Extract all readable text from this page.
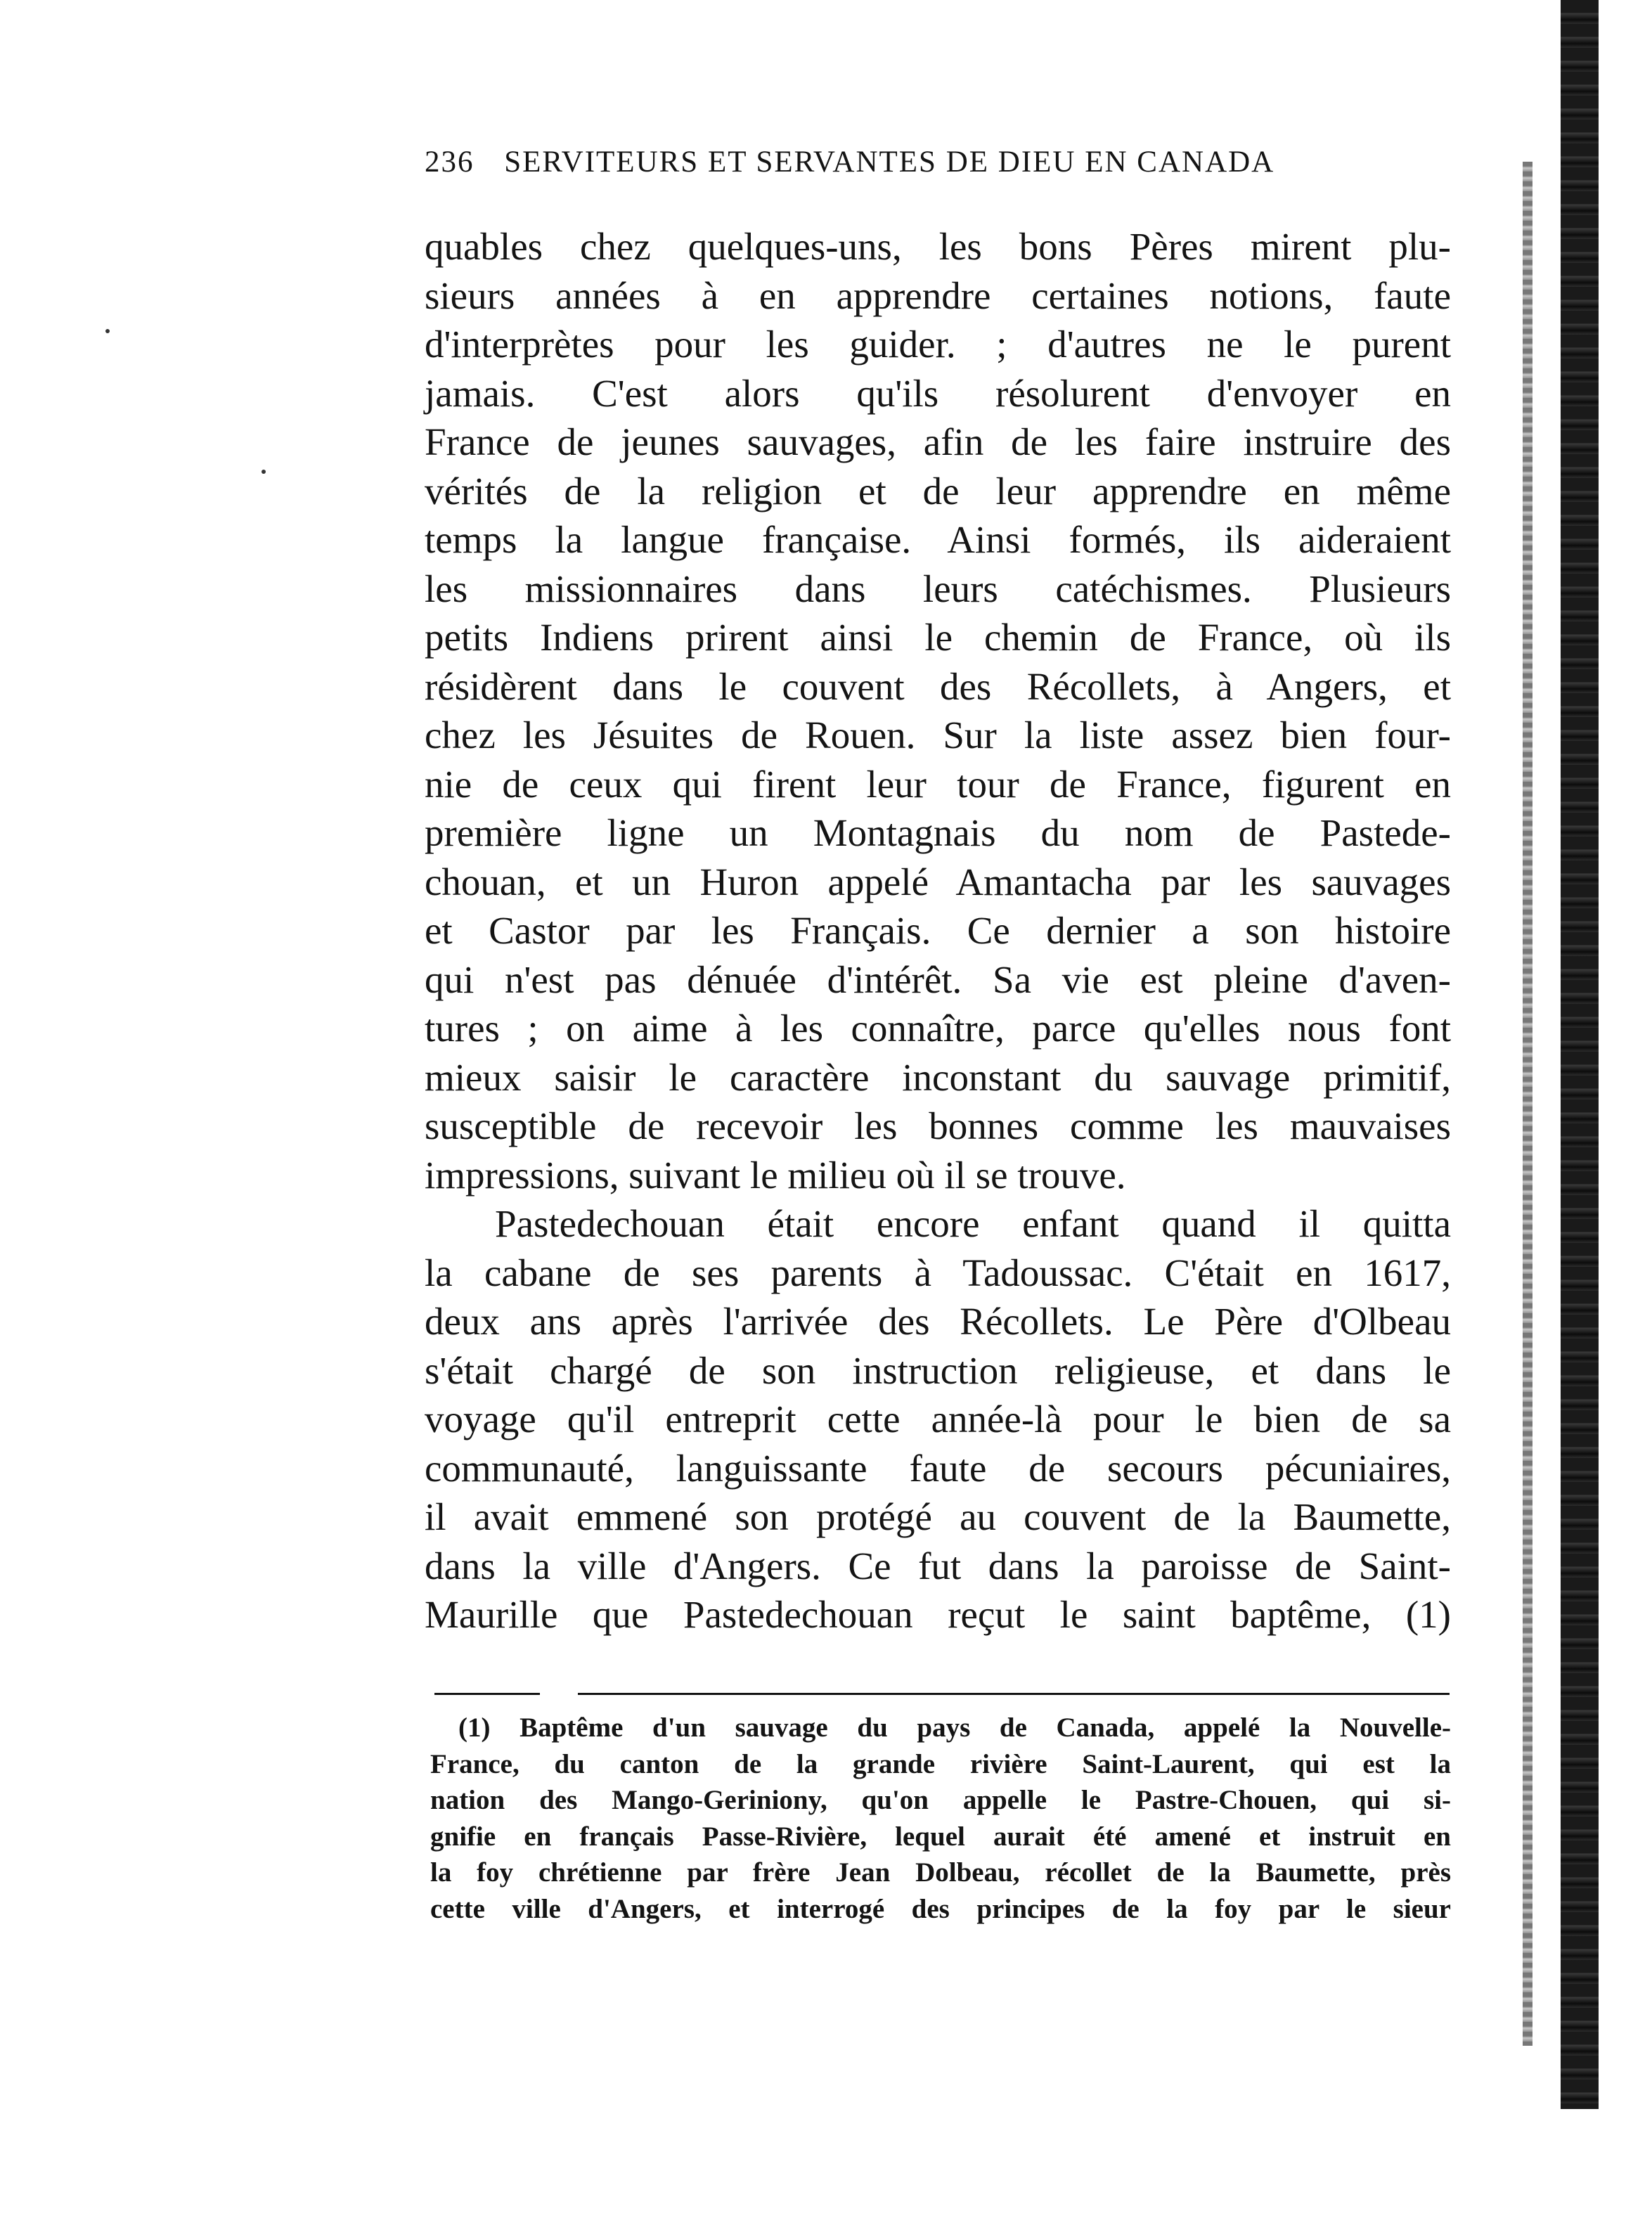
236 SERVITEURS ET SERVANTES DE DIEU EN CANADA
quables chez quelques-uns, les bons Pères mirent plu-
sieurs années à en apprendre certaines notions, faute
d'interprètes pour les guider. ; d'autres ne le purent
jamais. C'est alors qu'ils résolurent d'envoyer en
France de jeunes sauvages, afin de les faire instruire des
vérités de la religion et de leur apprendre en même
temps la langue française. Ainsi formés, ils aideraient
les missionnaires dans leurs catéchismes. Plusieurs
petits Indiens prirent ainsi le chemin de France, où ils
résidèrent dans le couvent des Récollets, à Angers, et
chez les Jésuites de Rouen. Sur la liste assez bien four-
nie de ceux qui firent leur tour de France, figurent en
première ligne un Montagnais du nom de Pastede-
chouan, et un Huron appelé Amantacha par les sauvages
et Castor par les Français. Ce dernier a son histoire
qui n'est pas dénuée d'intérêt. Sa vie est pleine d'aven-
tures ; on aime à les connaître, parce qu'elles nous font
mieux saisir le caractère inconstant du sauvage primitif,
susceptible de recevoir les bonnes comme les mauvaises
impressions, suivant le milieu où il se trouve.
Pastedechouan était encore enfant quand il quitta
la cabane de ses parents à Tadoussac. C'était en 1617,
deux ans après l'arrivée des Récollets. Le Père d'Olbeau
s'était chargé de son instruction religieuse, et dans le
voyage qu'il entreprit cette année-là pour le bien de sa
communauté, languissante faute de secours pécuniaires,
il avait emmené son protégé au couvent de la Baumette,
dans la ville d'Angers. Ce fut dans la paroisse de Saint-
Maurille que Pastedechouan reçut le saint baptême, (1)
(1) Baptême d'un sauvage du pays de Canada, appelé la Nouvelle-
France, du canton de la grande rivière Saint-Laurent, qui est la
nation des Mango-Geriniony, qu'on appelle le Pastre-Chouen, qui si-
gnifie en français Passe-Rivière, lequel aurait été amené et instruit en
la foy chrétienne par frère Jean Dolbeau, récollet de la Baumette, près
cette ville d'Angers, et interrogé des principes de la foy par le sieur
